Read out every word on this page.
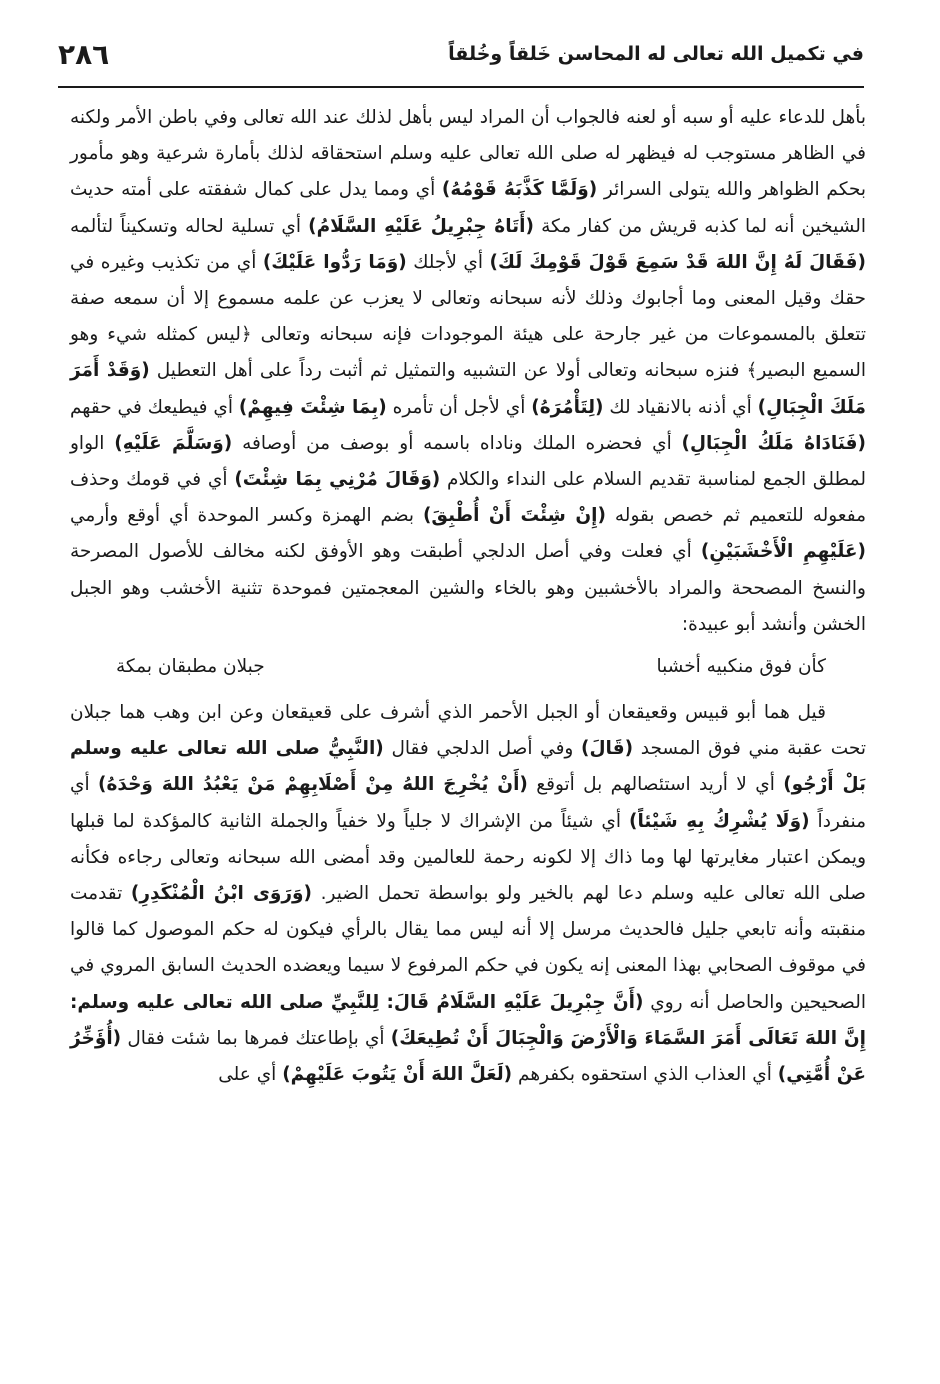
في تكميل الله تعالى له المحاسن خَلقاً وخُلقاً
٢٨٦

بأهل للدعاء عليه أو سبه أو لعنه فالجواب أن المراد ليس بأهل لذلك عند الله تعالى وفي باطن الأمر ولكنه في الظاهر مستوجب له فيظهر له صلى الله تعالى عليه وسلم استحقاقه لذلك بأمارة شرعية وهو مأمور بحكم الظواهر والله يتولى السرائر (وَلَمَّا كَذَّبَهُ قَوْمُهُ) أي ومما يدل على كمال شفقته على أمته حديث الشيخين أنه لما كذبه قريش من كفار مكة (أَتَاهُ جِبْرِيلُ عَلَيْهِ السَّلَامُ) أي تسلية لحاله وتسكيناً لتألمه (فَقَالَ لَهُ إِنَّ اللهَ قَدْ سَمِعَ قَوْلَ قَوْمِكَ لَكَ) أي لأجلك (وَمَا رَدُّوا عَلَيْكَ) أي من تكذيب وغيره في حقك وقيل المعنى وما أجابوك وذلك لأنه سبحانه وتعالى لا يعزب عن علمه مسموع إلا أن سمعه صفة تتعلق بالمسموعات من غير جارحة على هيئة الموجودات فإنه سبحانه وتعالى ﴿ليس كمثله شيء وهو السميع البصير﴾ فنزه سبحانه وتعالى أولا عن التشبيه والتمثيل ثم أثبت رداً على أهل التعطيل (وَقَدْ أَمَرَ مَلَكَ الْجِبَالِ) أي أذنه بالانقياد لك (لِتَأْمُرَهُ) أي لأجل أن تأمره (بِمَا شِئْتَ فِيهِمْ) أي فيطيعك في حقهم (فَنَادَاهُ مَلَكُ الْجِبَالِ) أي فحضره الملك وناداه باسمه أو بوصف من أوصافه (وَسَلَّمَ عَلَيْهِ) الواو لمطلق الجمع لمناسبة تقديم السلام على النداء والكلام (وَقَالَ مُرْنِي بِمَا شِئْتَ) أي في قومك وحذف مفعوله للتعميم ثم خصص بقوله (إِنْ شِئْتَ أَنْ أُطْبِقَ) بضم الهمزة وكسر الموحدة أي أوقع وأرمي (عَلَيْهِمِ الْأَخْشَبَيْنِ) أي فعلت وفي أصل الدلجي أطبقت وهو الأوفق لكنه مخالف للأصول المصرحة والنسخ المصححة والمراد بالأخشبين وهو بالخاء والشين المعجمتين فموحدة تثنية الأخشب وهو الجبل الخشن وأنشد أبو عبيدة:

كأن فوق منكبيه أخشبا
جبلان مطبقان بمكة

قيل هما أبو قبيس وقعيقعان أو الجبل الأحمر الذي أشرف على قعيقعان وعن ابن وهب هما جبلان تحت عقبة مني فوق المسجد (قَالَ) وفي أصل الدلجي فقال (النَّبِيُّ صلى الله تعالى عليه وسلم بَلْ أَرْجُو) أي لا أريد استئصالهم بل أتوقع (أَنْ يُخْرِجَ اللهُ مِنْ أَصْلَابِهِمْ مَنْ يَعْبُدُ اللهَ وَحْدَهُ) أي منفرداً (وَلَا يُشْرِكُ بِهِ شَيْئاً) أي شيئاً من الإشراك لا جلياً ولا خفياً والجملة الثانية كالمؤكدة لما قبلها ويمكن اعتبار مغايرتها لها وما ذاك إلا لكونه رحمة للعالمين وقد أمضى الله سبحانه وتعالى رجاءه فكأنه صلى الله تعالى عليه وسلم دعا لهم بالخير ولو بواسطة تحمل الضير. (وَرَوَى ابْنُ الْمُنْكَدِرِ) تقدمت منقبته وأنه تابعي جليل فالحديث مرسل إلا أنه ليس مما يقال بالرأي فيكون له حكم الموصول كما قالوا في موقوف الصحابي بهذا المعنى إنه يكون في حكم المرفوع لا سيما ويعضده الحديث السابق المروي في الصحيحين والحاصل أنه روي (أَنَّ جِبْرِيلَ عَلَيْهِ السَّلَامُ قَالَ: لِلنَّبِيِّ صلى الله تعالى عليه وسلم: إِنَّ اللهَ تَعَالَى أَمَرَ السَّمَاءَ وَالْأَرْضَ وَالْجِبَالَ أَنْ تُطِيعَكَ) أي بإطاعتك فمرها بما شئت فقال (أُؤَخِّرُ عَنْ أُمَّتِي) أي العذاب الذي استحقوه بكفرهم (لَعَلَّ اللهَ أَنْ يَتُوبَ عَلَيْهِمْ) أي على
